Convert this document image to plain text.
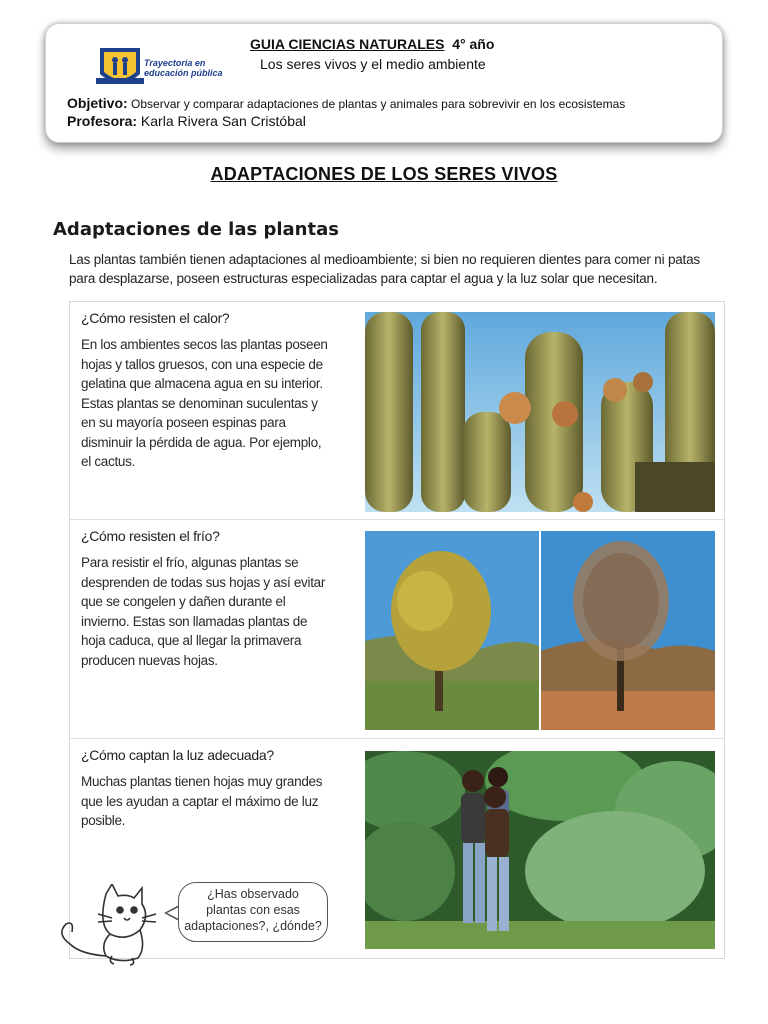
Trayectoria en educación pública
GUIA CIENCIAS NATURALES 4° año
Los seres vivos y el medio ambiente
Objetivo: Observar y comparar adaptaciones de plantas y animales para sobrevivir en los ecosistemas
Profesora: Karla Rivera San Cristóbal
ADAPTACIONES DE LOS SERES VIVOS
Adaptaciones de las plantas
Las plantas también tienen adaptaciones al medioambiente; si bien no requieren dientes para comer ni patas para desplazarse, poseen estructuras especializadas para captar el agua y la luz solar que necesitan.
¿Cómo resisten el calor?
En los ambientes secos las plantas poseen hojas y tallos gruesos, con una especie de gelatina que almacena agua en su interior. Estas plantas se denominan suculentas y en su mayoría poseen espinas para disminuir la pérdida de agua. Por ejemplo, el cactus.
¿Cómo resisten el frío?
Para resistir el frío, algunas plantas se desprenden de todas sus hojas y así evitar que se congelen y dañen durante el invierno. Estas son llamadas plantas de hoja caduca, que al llegar la primavera producen nuevas hojas.
¿Cómo captan la luz adecuada?
Muchas plantas tienen hojas muy grandes que les ayudan a captar el máximo de luz posible.
¿Has observado
plantas con esas
adaptaciones?, ¿dónde?
